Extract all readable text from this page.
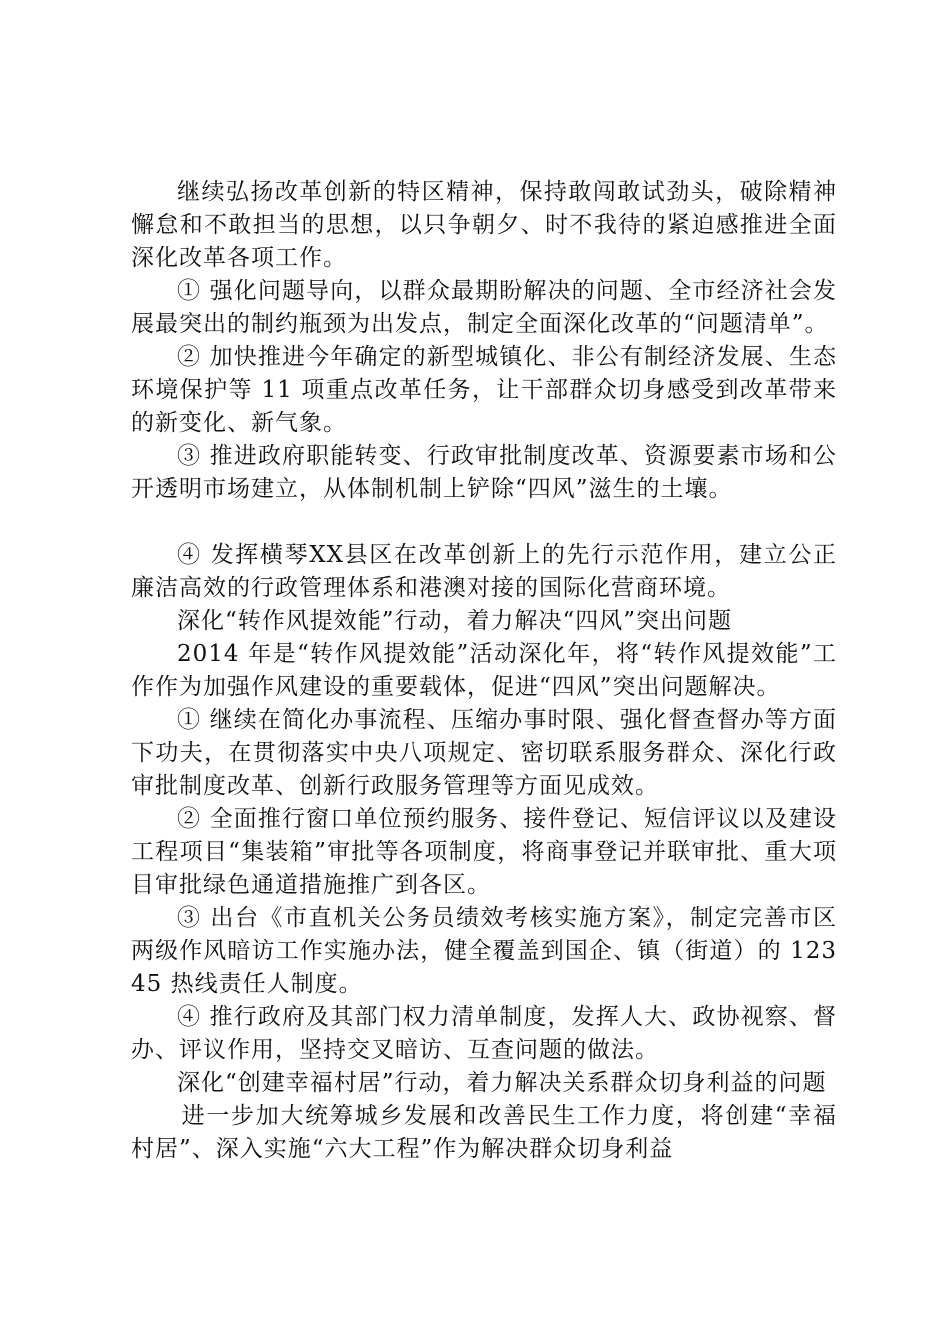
继续弘扬改革创新的特区精神，保持敢闯敢试劲头，破除精神懈怠和不敢担当的思想，以只争朝夕、时不我待的紧迫感推进全面深化改革各项工作。

① 强化问题导向，以群众最期盼解决的问题、全市经济社会发展最突出的制约瓶颈为出发点，制定全面深化改革的“问题清单”。

② 加快推进今年确定的新型城镇化、非公有制经济发展、生态环境保护等 11 项重点改革任务，让干部群众切身感受到改革带来的新变化、新气象。

③ 推进政府职能转变、行政审批制度改革、资源要素市场和公开透明市场建立，从体制机制上铲除“四风”滋生的土壤。

④ 发挥横琴XX县区在改革创新上的先行示范作用，建立公正廉洁高效的行政管理体系和港澳对接的国际化营商环境。

深化“转作风提效能”行动，着力解决“四风”突出问题

2014 年是“转作风提效能”活动深化年，将“转作风提效能”工作作为加强作风建设的重要载体，促进“四风”突出问题解决。

① 继续在简化办事流程、压缩办事时限、强化督查督办等方面下功夫，在贯彻落实中央八项规定、密切联系服务群众、深化行政审批制度改革、创新行政服务管理等方面见成效。

② 全面推行窗口单位预约服务、接件登记、短信评议以及建设工程项目“集装箱”审批等各项制度，将商事登记并联审批、重大项目审批绿色通道措施推广到各区。

③ 出台《市直机关公务员绩效考核实施方案》，制定完善市区两级作风暗访工作实施办法，健全覆盖到国企、镇（街道）的 12345 热线责任人制度。

④ 推行政府及其部门权力清单制度，发挥人大、政协视察、督办、评议作用，坚持交叉暗访、互查问题的做法。

深化“创建幸福村居”行动，着力解决关系群众切身利益的问题

进一步加大统筹城乡发展和改善民生工作力度，将创建“幸福村居”、深入实施“六大工程”作为解决群众切身利益
